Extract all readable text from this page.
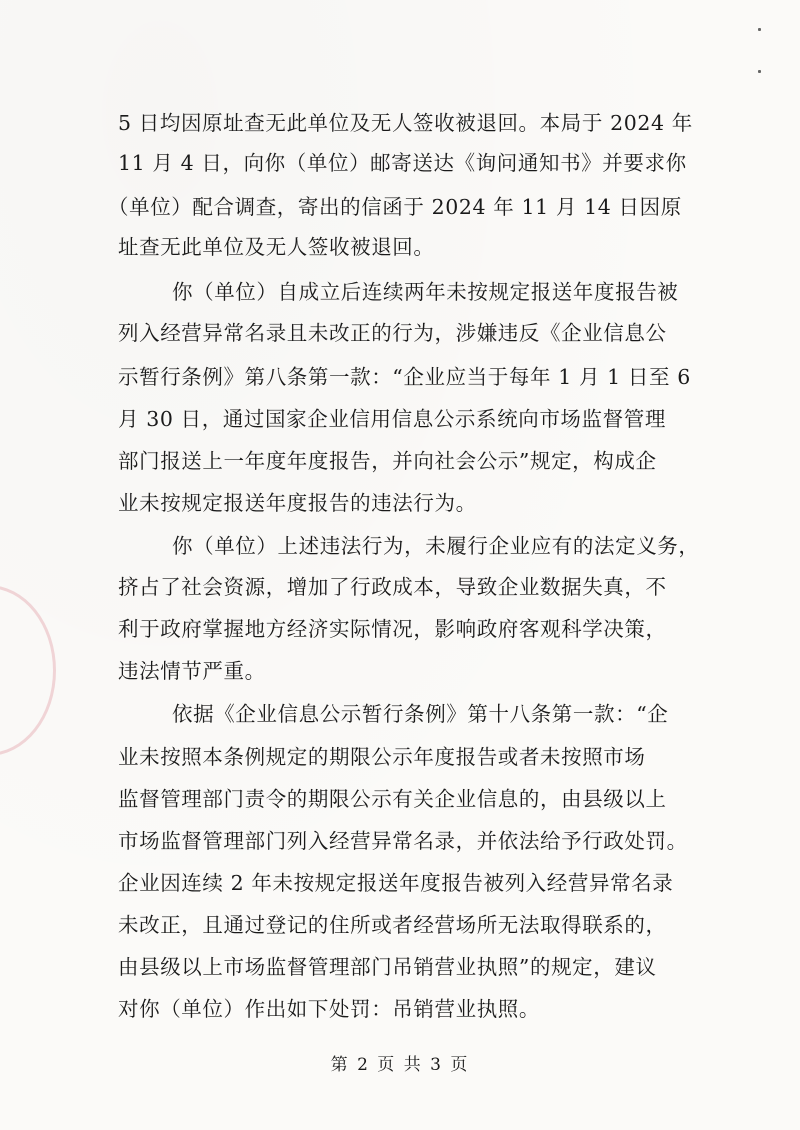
5 日均因原址查无此单位及无人签收被退回。本局于 2024 年
11 月 4 日，向你（单位）邮寄送达《询问通知书》并要求你
（单位）配合调查，寄出的信函于 2024 年 11 月 14 日因原
址查无此单位及无人签收被退回。
你（单位）自成立后连续两年未按规定报送年度报告被
列入经营异常名录且未改正的行为，涉嫌违反《企业信息公
示暂行条例》第八条第一款：“企业应当于每年 1 月 1 日至 6
月 30 日，通过国家企业信用信息公示系统向市场监督管理
部门报送上一年度年度报告，并向社会公示”规定，构成企
业未按规定报送年度报告的违法行为。
你（单位）上述违法行为，未履行企业应有的法定义务，
挤占了社会资源，增加了行政成本，导致企业数据失真，不
利于政府掌握地方经济实际情况，影响政府客观科学决策，
违法情节严重。
依据《企业信息公示暂行条例》第十八条第一款：“企
业未按照本条例规定的期限公示年度报告或者未按照市场
监督管理部门责令的期限公示有关企业信息的，由县级以上
市场监督管理部门列入经营异常名录，并依法给予行政处罚。
企业因连续 2 年未按规定报送年度报告被列入经营异常名录
未改正，且通过登记的住所或者经营场所无法取得联系的，
由县级以上市场监督管理部门吊销营业执照”的规定，建议
对你（单位）作出如下处罚：吊销营业执照。
第 2 页 共 3 页
